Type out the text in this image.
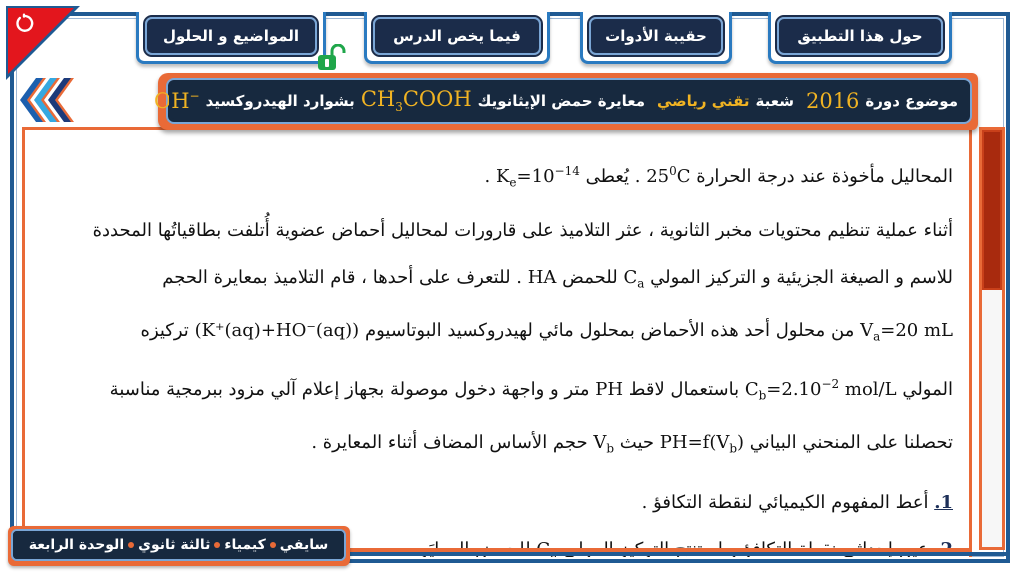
المواضيع و الحلول	فيما يخص الدرس	حقيبة الأدوات	حول هذا التطبيق
موضوع دورة
2016
شعبة
تقني رياضي
معايرة حمض الإيثانويك
$CH_3COOH$
بشوارد الهيدروكسيد
OH−
المحاليل مأخوذة عند درجة الحرارة $25^0C$ . يُعطى $K_e=10^{-14}$ .
أثناء عملية تنظيم محتويات مخبر الثانوية ، عثر التلاميذ على قارورات لمحاليل أحماض عضوية أُتلفت بطاقياتُها المحددة
للاسم و الصيغة الجزيئية و التركيز المولي $C_a$ للحمض HA . للتعرف على أحدها ، قام التلاميذ بمعايرة الحجم
$V_a=20$ mL من محلول أحد هذه الأحماض بمحلول مائي لهيدروكسيد البوتاسيوم (K⁺(aq)+HO⁻(aq)) تركيزه
المولي $C_b=2.10^{-2}$ mol/L باستعمال لاقط PH متر و واجهة دخول موصولة بجهاز إعلام آلي مزود ببرمجية مناسبة
تحصلنا على المنحني البياني $PH=f(V_b)$ حيث $V_b$ حجم الأساس المضاف أثناء المعايرة .
1. أعط المفهوم الكيميائي لنقطة التكافؤ .
سايفي
كيمياء
ثالثة ثانوي
الوحدة الرابعة
